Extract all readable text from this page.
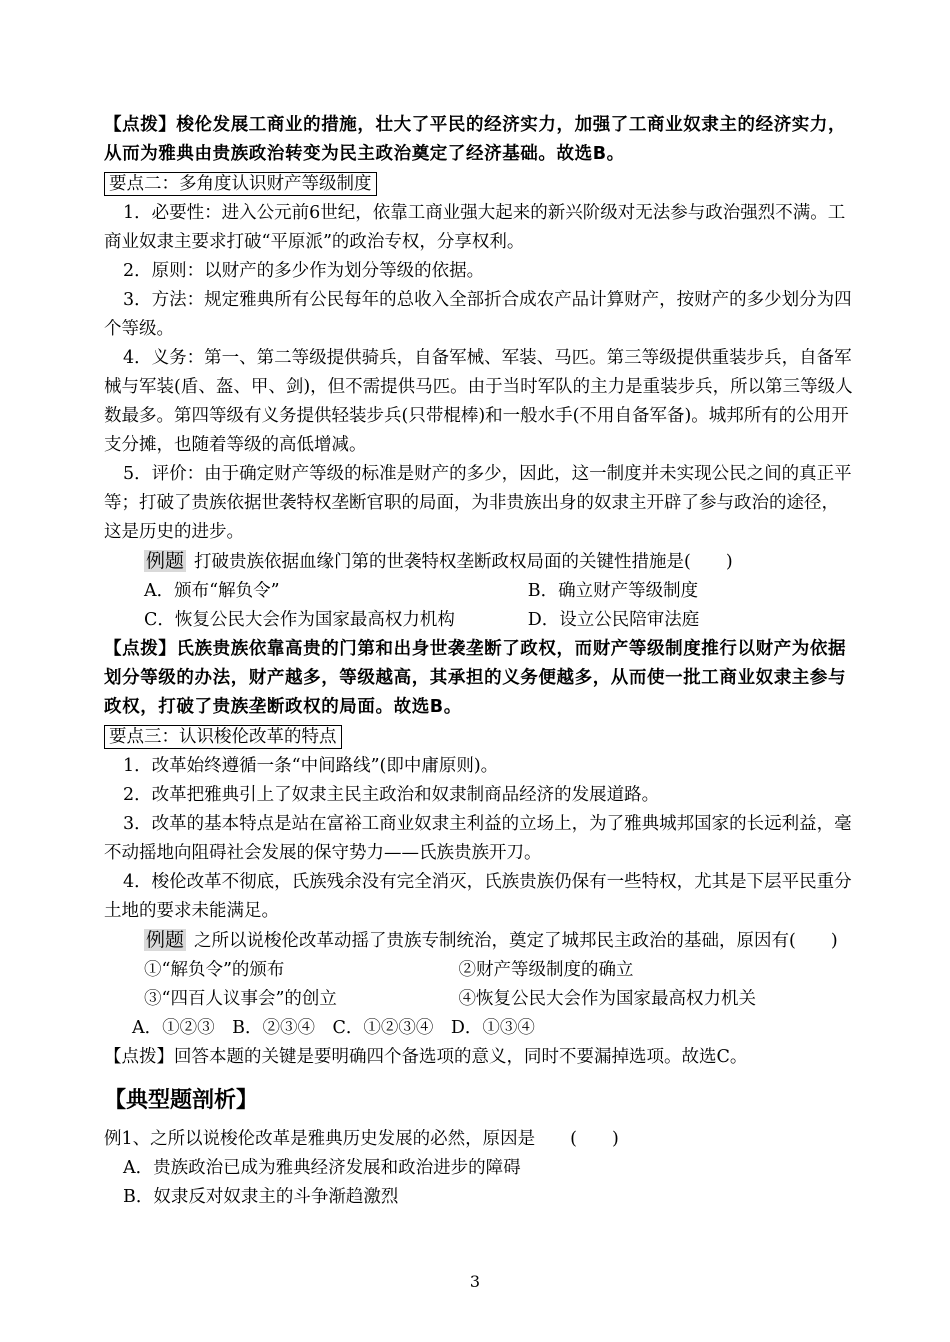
【点拨】梭伦发展工商业的措施，壮大了平民的经济实力，加强了工商业奴隶主的经济实力，从而为雅典由贵族政治转变为民主政治奠定了经济基础。故选B。

要点二：多角度认识财产等级制度

1．必要性：进入公元前6世纪，依靠工商业强大起来的新兴阶级对无法参与政治强烈不满。工商业奴隶主要求打破“平原派”的政治专权，分享权利。

2．原则：以财产的多少作为划分等级的依据。

3．方法：规定雅典所有公民每年的总收入全部折合成农产品计算财产，按财产的多少划分为四个等级。

4．义务：第一、第二等级提供骑兵，自备军械、军装、马匹。第三等级提供重装步兵，自备军械与军装(盾、盔、甲、剑)，但不需提供马匹。由于当时军队的主力是重装步兵，所以第三等级人数最多。第四等级有义务提供轻装步兵(只带棍棒)和一般水手(不用自备军备)。城邦所有的公用开支分摊，也随着等级的高低增减。

5．评价：由于确定财产等级的标准是财产的多少，因此，这一制度并未实现公民之间的真正平等；打破了贵族依据世袭特权垄断官职的局面，为非贵族出身的奴隶主开辟了参与政治的途径，这是历史的进步。

例题 打破贵族依据血缘门第的世袭特权垄断政权局面的关键性措施是(　　)

A．颁布“解负令”	B．确立财产等级制度
C．恢复公民大会作为国家最高权力机构	D．设立公民陪审法庭

【点拨】氏族贵族依靠高贵的门第和出身世袭垄断了政权，而财产等级制度推行以财产为依据划分等级的办法，财产越多，等级越高，其承担的义务便越多，从而使一批工商业奴隶主参与政权，打破了贵族垄断政权的局面。故选B。

要点三：认识梭伦改革的特点

1．改革始终遵循一条“中间路线”(即中庸原则)。

2．改革把雅典引上了奴隶主民主政治和奴隶制商品经济的发展道路。

3．改革的基本特点是站在富裕工商业奴隶主利益的立场上，为了雅典城邦国家的长远利益，毫不动摇地向阻碍社会发展的保守势力——氏族贵族开刀。

4．梭伦改革不彻底，氏族残余没有完全消灭，氏族贵族仍保有一些特权，尤其是下层平民重分土地的要求未能满足。

例题 之所以说梭伦改革动摇了贵族专制统治，奠定了城邦民主政治的基础，原因有(　　)

①“解负令”的颁布	②财产等级制度的确立
③“四百人议事会”的创立	④恢复公民大会作为国家最高权力机关

A．①②③　B．②③④　C．①②③④　D．①③④

【点拨】回答本题的关键是要明确四个备选项的意义，同时不要漏掉选项。故选C。

【典型题剖析】

例1、之所以说梭伦改革是雅典历史发展的必然，原因是　　(　　)

A．贵族政治已成为雅典经济发展和政治进步的障碍

B．奴隶反对奴隶主的斗争渐趋激烈

3
